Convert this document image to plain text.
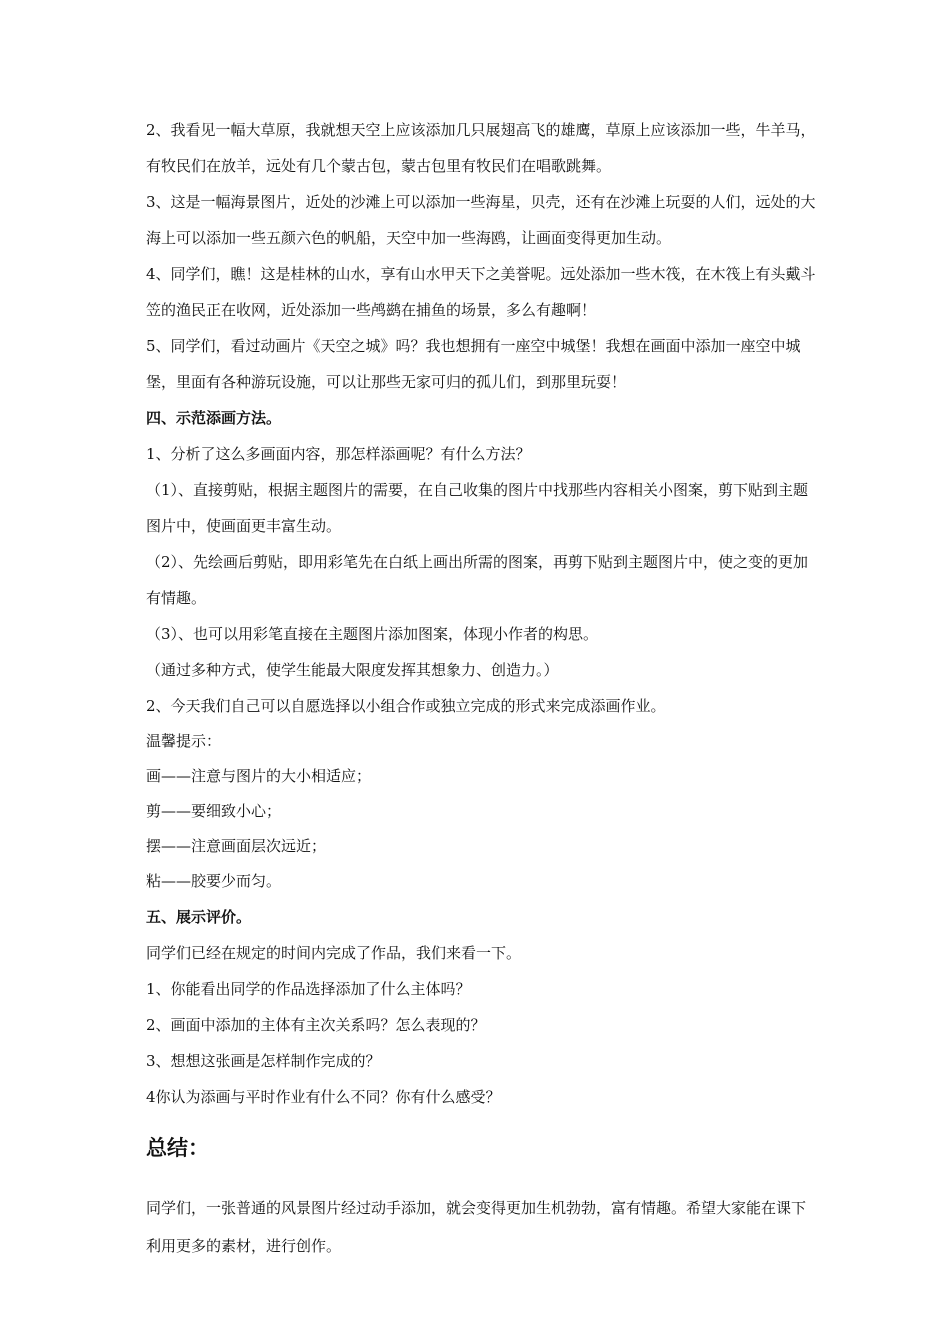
2、我看见一幅大草原，我就想天空上应该添加几只展翅高飞的雄鹰，草原上应该添加一些，牛羊马，有牧民们在放羊，远处有几个蒙古包，蒙古包里有牧民们在唱歌跳舞。

3、这是一幅海景图片，近处的沙滩上可以添加一些海星，贝壳，还有在沙滩上玩耍的人们，远处的大海上可以添加一些五颜六色的帆船，天空中加一些海鸥，让画面变得更加生动。

4、同学们，瞧！这是桂林的山水，享有山水甲天下之美誉呢。远处添加一些木筏，在木筏上有头戴斗笠的渔民正在收网，近处添加一些鸬鹚在捕鱼的场景，多么有趣啊！

5、同学们，看过动画片《天空之城》吗？我也想拥有一座空中城堡！我想在画面中添加一座空中城堡，里面有各种游玩设施，可以让那些无家可归的孤儿们，到那里玩耍！

四、示范添画方法。

1、分析了这么多画面内容，那怎样添画呢？有什么方法？

（1）、直接剪贴，根据主题图片的需要，在自己收集的图片中找那些内容相关小图案，剪下贴到主题图片中，使画面更丰富生动。

（2）、先绘画后剪贴，即用彩笔先在白纸上画出所需的图案，再剪下贴到主题图片中，使之变的更加有情趣。

（3）、也可以用彩笔直接在主题图片添加图案，体现小作者的构思。

（通过多种方式，使学生能最大限度发挥其想象力、创造力。）

2、今天我们自己可以自愿选择以小组合作或独立完成的形式来完成添画作业。

温馨提示：

画——注意与图片的大小相适应；

剪——要细致小心；

摆——注意画面层次远近；

粘——胶要少而匀。

五、展示评价。

同学们已经在规定的时间内完成了作品，我们来看一下。

1、你能看出同学的作品选择添加了什么主体吗？

2、画面中添加的主体有主次关系吗？怎么表现的？

3、想想这张画是怎样制作完成的？

4你认为添画与平时作业有什么不同？你有什么感受？

总结：

同学们，一张普通的风景图片经过动手添加，就会变得更加生机勃勃，富有情趣。希望大家能在课下利用更多的素材，进行创作。
